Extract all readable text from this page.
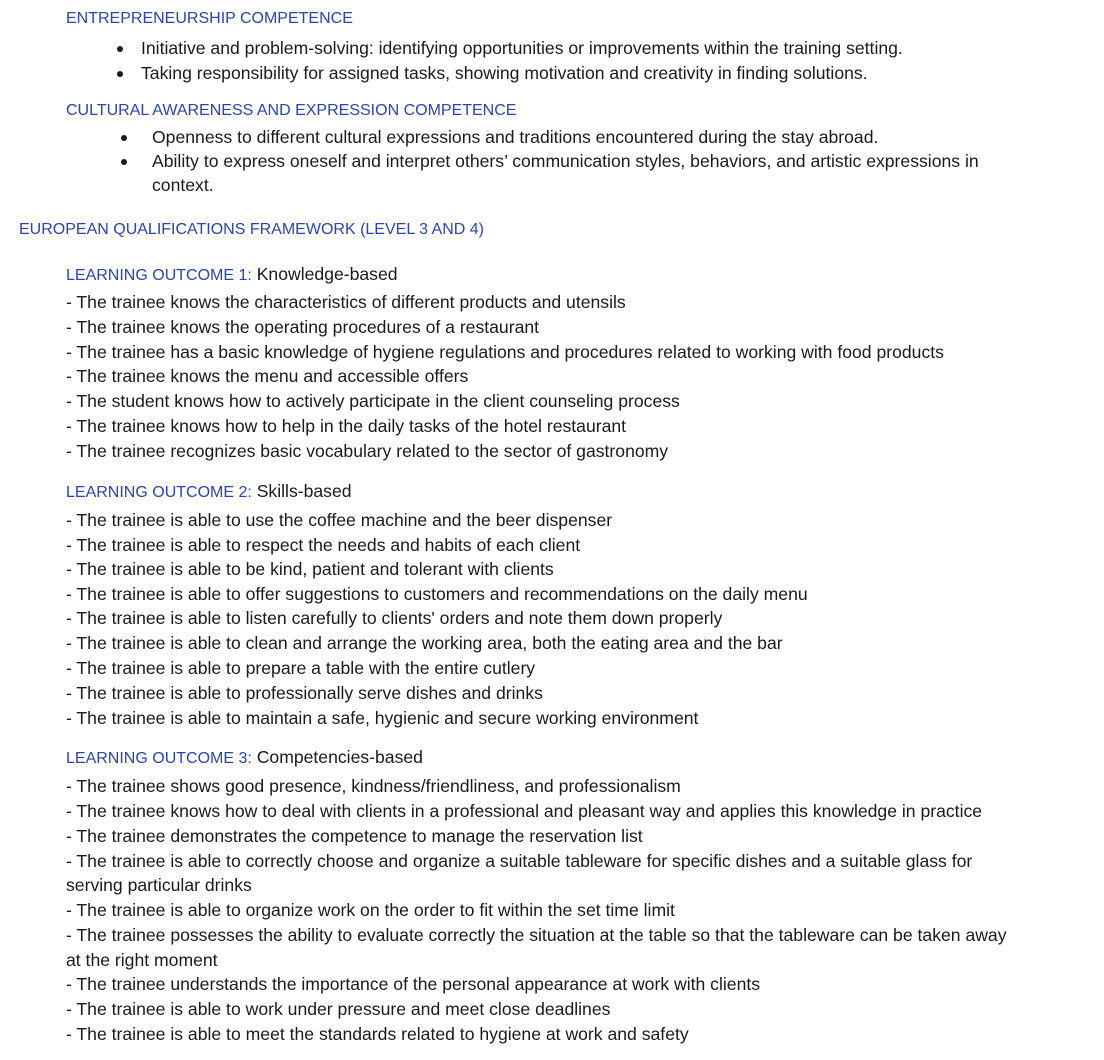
ENTREPRENEURSHIP COMPETENCE
Initiative and problem-solving: identifying opportunities or improvements within the training setting.
Taking responsibility for assigned tasks, showing motivation and creativity in finding solutions.
CULTURAL AWARENESS AND EXPRESSION COMPETENCE
Openness to different cultural expressions and traditions encountered during the stay abroad.
Ability to express oneself and interpret others’ communication styles, behaviors, and artistic expressions in
context.
EUROPEAN QUALIFICATIONS FRAMEWORK (LEVEL 3 AND 4)
LEARNING OUTCOME 1: Knowledge-based
- The trainee knows the characteristics of different products and utensils
- The trainee knows the operating procedures of a restaurant
- The trainee has a basic knowledge of hygiene regulations and procedures related to working with food products
- The trainee knows the menu and accessible offers
- The student knows how to actively participate in the client counseling process
- The trainee knows how to help in the daily tasks of the hotel restaurant
- The trainee recognizes basic vocabulary related to the sector of gastronomy
LEARNING OUTCOME 2: Skills-based
- The trainee is able to use the coffee machine and the beer dispenser
- The trainee is able to respect the needs and habits of each client
- The trainee is able to be kind, patient and tolerant with clients
- The trainee is able to offer suggestions to customers and recommendations on the daily menu
- The trainee is able to listen carefully to clients' orders and note them down properly
- The trainee is able to clean and arrange the working area, both the eating area and the bar
- The trainee is able to prepare a table with the entire cutlery
- The trainee is able to professionally serve dishes and drinks
- The trainee is able to maintain a safe, hygienic and secure working environment
LEARNING OUTCOME 3: Competencies-based
- The trainee shows good presence, kindness/friendliness, and professionalism
- The trainee knows how to deal with clients in a professional and pleasant way and applies this knowledge in practice
- The trainee demonstrates the competence to manage the reservation list
- The trainee is able to correctly choose and organize a suitable tableware for specific dishes and a suitable glass for
serving particular drinks
- The trainee is able to organize work on the order to fit within the set time limit
- The trainee possesses the ability to evaluate correctly the situation at the table so that the tableware can be taken away
at the right moment
- The trainee understands the importance of the personal appearance at work with clients
- The trainee is able to work under pressure and meet close deadlines
- The trainee is able to meet the standards related to hygiene at work and safety
